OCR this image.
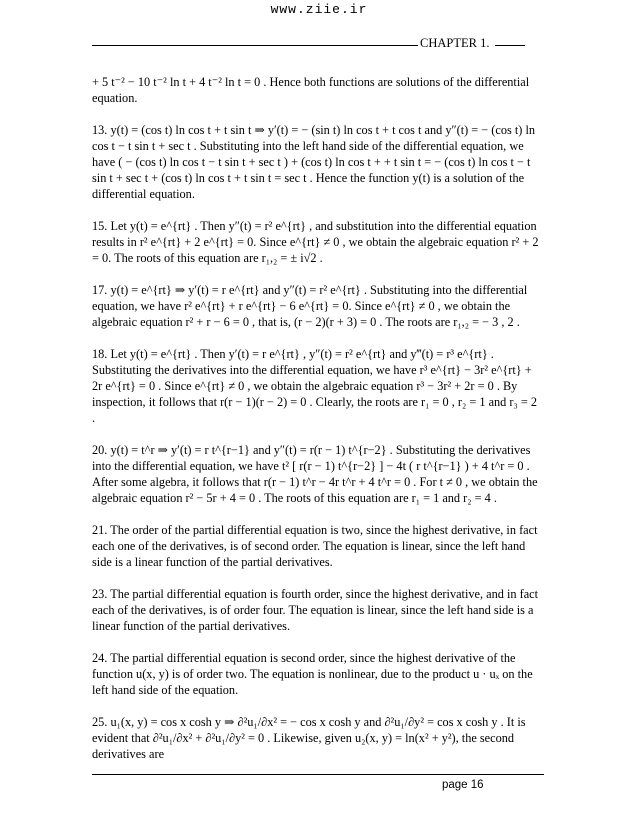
www.ziie.ir
CHAPTER 1.

+ 5 t⁻² − 10 t⁻² ln t + 4 t⁻² ln t = 0 . Hence both functions are solutions of the differential equation.

13. y(t) = (cos t) ln cos t + t sin t ⇒ y′(t) = − (sin t) ln cos t + t cos t and y″(t) = − (cos t) ln cos t − t sin t + sec t . Substituting into the left hand side of the differential equation, we have ( − (cos t) ln cos t − t sin t + sec t ) + (cos t) ln cos t + + t sin t = − (cos t) ln cos t − t sin t + sec t + (cos t) ln cos t + t sin t = sec t . Hence the function y(t) is a solution of the differential equation.

15. Let y(t) = e^{rt} . Then y″(t) = r² e^{rt} , and substitution into the differential equation results in r² e^{rt} + 2 e^{rt} = 0. Since e^{rt} ≠ 0 , we obtain the algebraic equation r² + 2 = 0. The roots of this equation are r₁,₂ = ± i√2 .

17. y(t) = e^{rt} ⇒ y′(t) = r e^{rt} and y″(t) = r² e^{rt} . Substituting into the differential equation, we have r² e^{rt} + r e^{rt} − 6 e^{rt} = 0. Since e^{rt} ≠ 0 , we obtain the algebraic equation r² + r − 6 = 0 , that is, (r − 2)(r + 3) = 0 . The roots are r₁,₂ = − 3 , 2 .

18. Let y(t) = e^{rt} . Then y′(t) = r e^{rt} , y″(t) = r² e^{rt} and y‴(t) = r³ e^{rt} . Substituting the derivatives into the differential equation, we have r³ e^{rt} − 3r² e^{rt} + 2r e^{rt} = 0 . Since e^{rt} ≠ 0 , we obtain the algebraic equation r³ − 3r² + 2r = 0 . By inspection, it follows that r(r − 1)(r − 2) = 0 . Clearly, the roots are r₁ = 0 , r₂ = 1 and r₃ = 2 .

20. y(t) = t^r ⇒ y′(t) = r t^{r−1} and y″(t) = r(r − 1) t^{r−2} . Substituting the derivatives into the differential equation, we have t² [ r(r − 1) t^{r−2} ] − 4t ( r t^{r−1} ) + 4 t^r = 0 . After some algebra, it follows that r(r − 1) t^r − 4r t^r + 4 t^r = 0 . For t ≠ 0 , we obtain the algebraic equation r² − 5r + 4 = 0 . The roots of this equation are r₁ = 1 and r₂ = 4 .

21. The order of the partial differential equation is two, since the highest derivative, in fact each one of the derivatives, is of second order. The equation is linear, since the left hand side is a linear function of the partial derivatives.

23. The partial differential equation is fourth order, since the highest derivative, and in fact each of the derivatives, is of order four. The equation is linear, since the left hand side is a linear function of the partial derivatives.

24. The partial differential equation is second order, since the highest derivative of the function u(x, y) is of order two. The equation is nonlinear, due to the product u · uₓ on the left hand side of the equation.

25. u₁(x, y) = cos x cosh y ⇒ ∂²u₁/∂x² = − cos x cosh y and ∂²u₁/∂y² = cos x cosh y . It is evident that ∂²u₁/∂x² + ∂²u₁/∂y² = 0 . Likewise, given u₂(x, y) = ln(x² + y²), the second derivatives are

page 16
